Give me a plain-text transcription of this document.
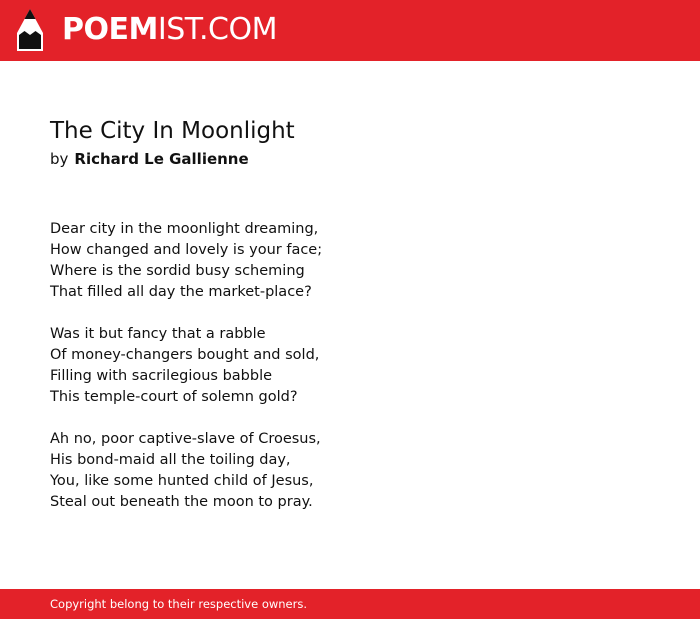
POEMIST.COM
The City In Moonlight
by Richard Le Gallienne
Dear city in the moonlight dreaming,
How changed and lovely is your face;
Where is the sordid busy scheming
That filled all day the market-place?
Was it but fancy that a rabble
Of money-changers bought and sold,
Filling with sacrilegious babble
This temple-court of solemn gold?
Ah no, poor captive-slave of Croesus,
His bond-maid all the toiling day,
You, like some hunted child of Jesus,
Steal out beneath the moon to pray.
Copyright belong to their respective owners.
